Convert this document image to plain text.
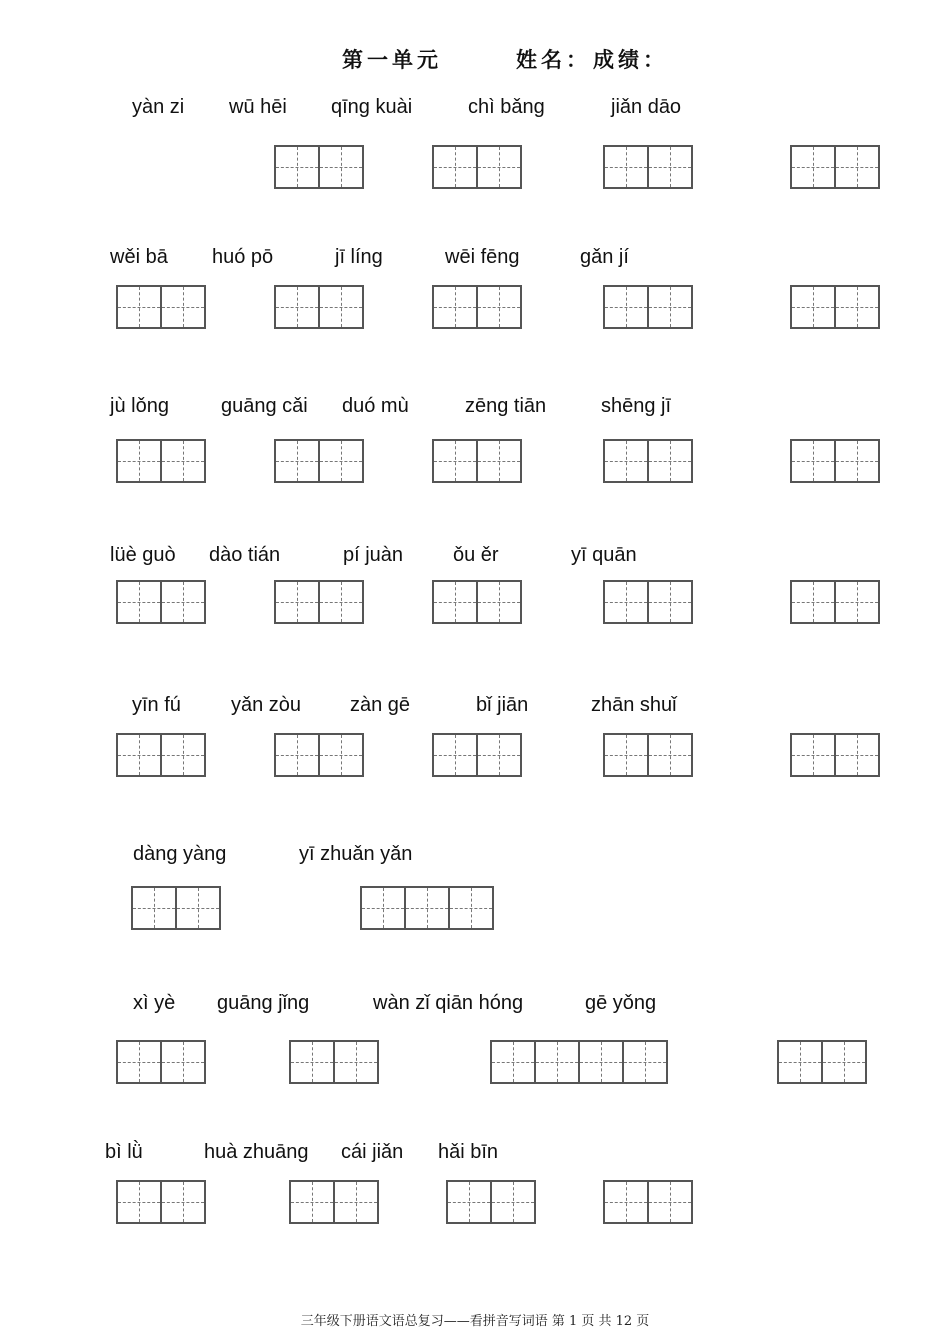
第一单元	姓名： 成绩：
yàn zi wū hēi qīng kuài	chì bǎng	jiǎn dāo
wěi bā huó pō	jī líng	wēi fēng	gǎn jí
jù lǒng	guāng cǎi duó mù	zēng tiān	shēng jī
lüè guò dào tián	pí juàn ǒu ěr	yī quān
yīn fú	yǎn zòu zàn gē	bǐ jiān	zhān shuǐ
dàng yàng	yī zhuǎn yǎn
xì yè guāng jǐng	wàn zǐ qiān hóng	gē yǒng
bì lǜ	huà zhuāng cái jiǎn hǎi bīn
三年级下册语文语总复习——看拼音写词语 第 1 页 共 12 页
